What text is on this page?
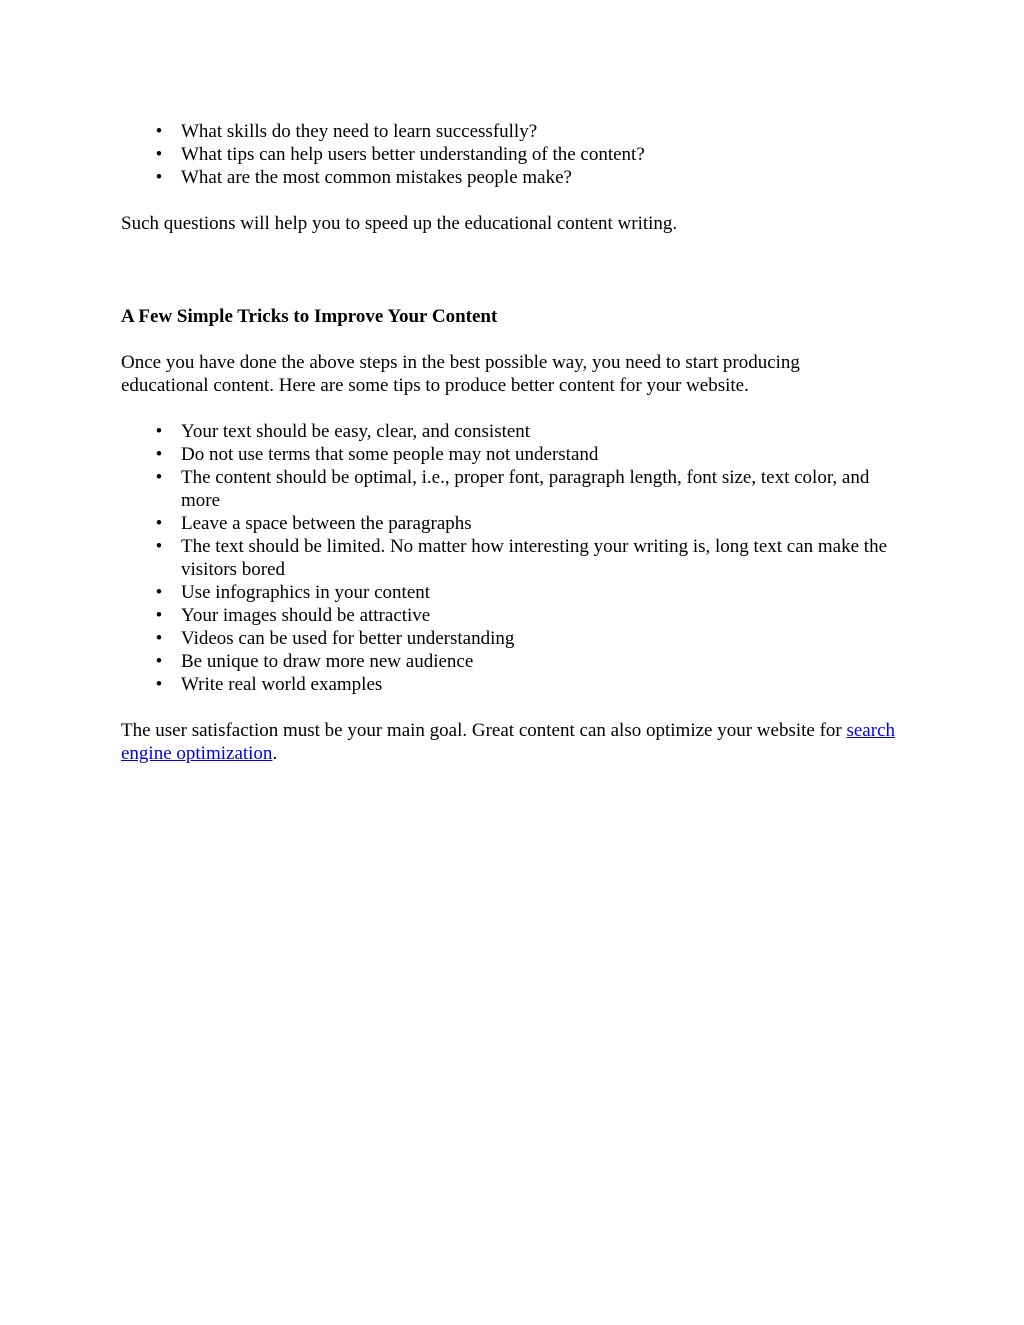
• What skills do they need to learn successfully?
• What tips can help users better understanding of the content?
• What are the most common mistakes people make?

Such questions will help you to speed up the educational content writing.

A Few Simple Tricks to Improve Your Content

Once you have done the above steps in the best possible way, you need to start producing educational content. Here are some tips to produce better content for your website.

• Your text should be easy, clear, and consistent
• Do not use terms that some people may not understand
• The content should be optimal, i.e., proper font, paragraph length, font size, text color, and more
• Leave a space between the paragraphs
• The text should be limited. No matter how interesting your writing is, long text can make the visitors bored
• Use infographics in your content
• Your images should be attractive
• Videos can be used for better understanding
• Be unique to draw more new audience
• Write real world examples

The user satisfaction must be your main goal. Great content can also optimize your website for search engine optimization.
